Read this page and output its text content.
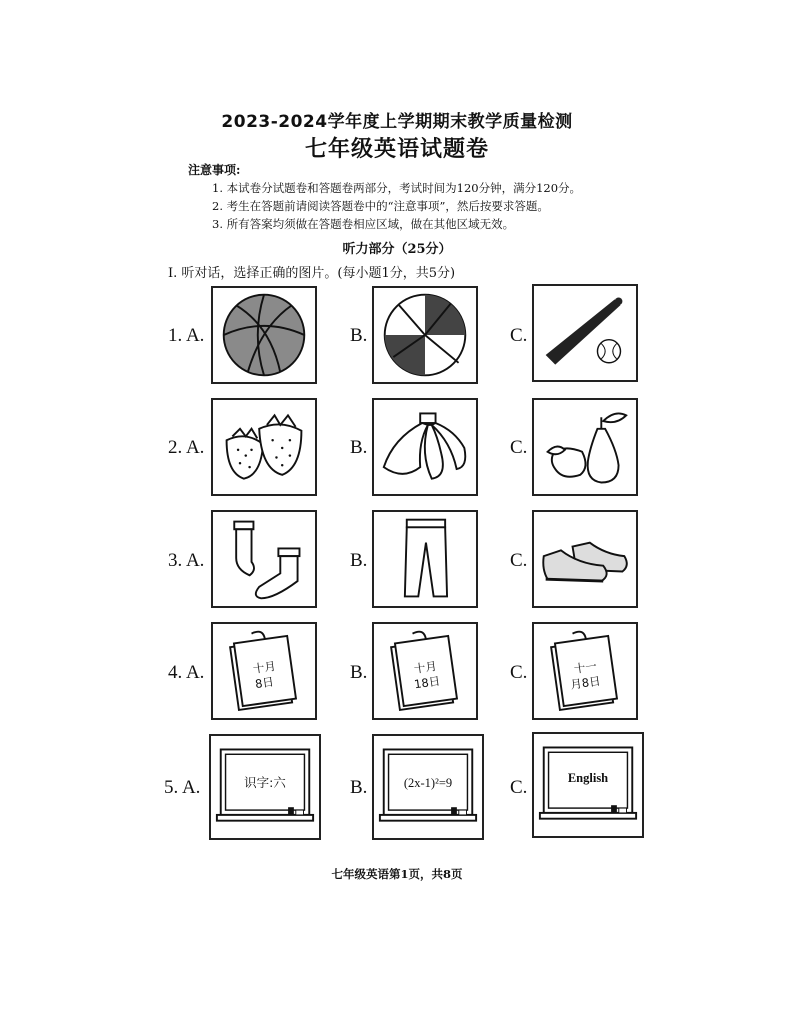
2023-2024学年度上学期期末教学质量检测
七年级英语试题卷
注意事项:
1. 本试卷分试题卷和答题卷两部分，考试时间为120分钟，满分120分。
2. 考生在答题前请阅读答题卷中的“注意事项”，然后按要求答题。
3. 所有答案均须做在答题卷相应区域，做在其他区域无效。
听力部分（25分）
I. 听对话，选择正确的图片。(每小题1分，共5分)
1. A.	B.	C.
2. A.	B.	C.
3. A.	B.	C.
4. A.	十月
8日	B.	十月
18日	C.	十一
月8日
5. A.	识字:六	B.	(2x-1)²=9	C.	English
七年级英语第1页，共8页
